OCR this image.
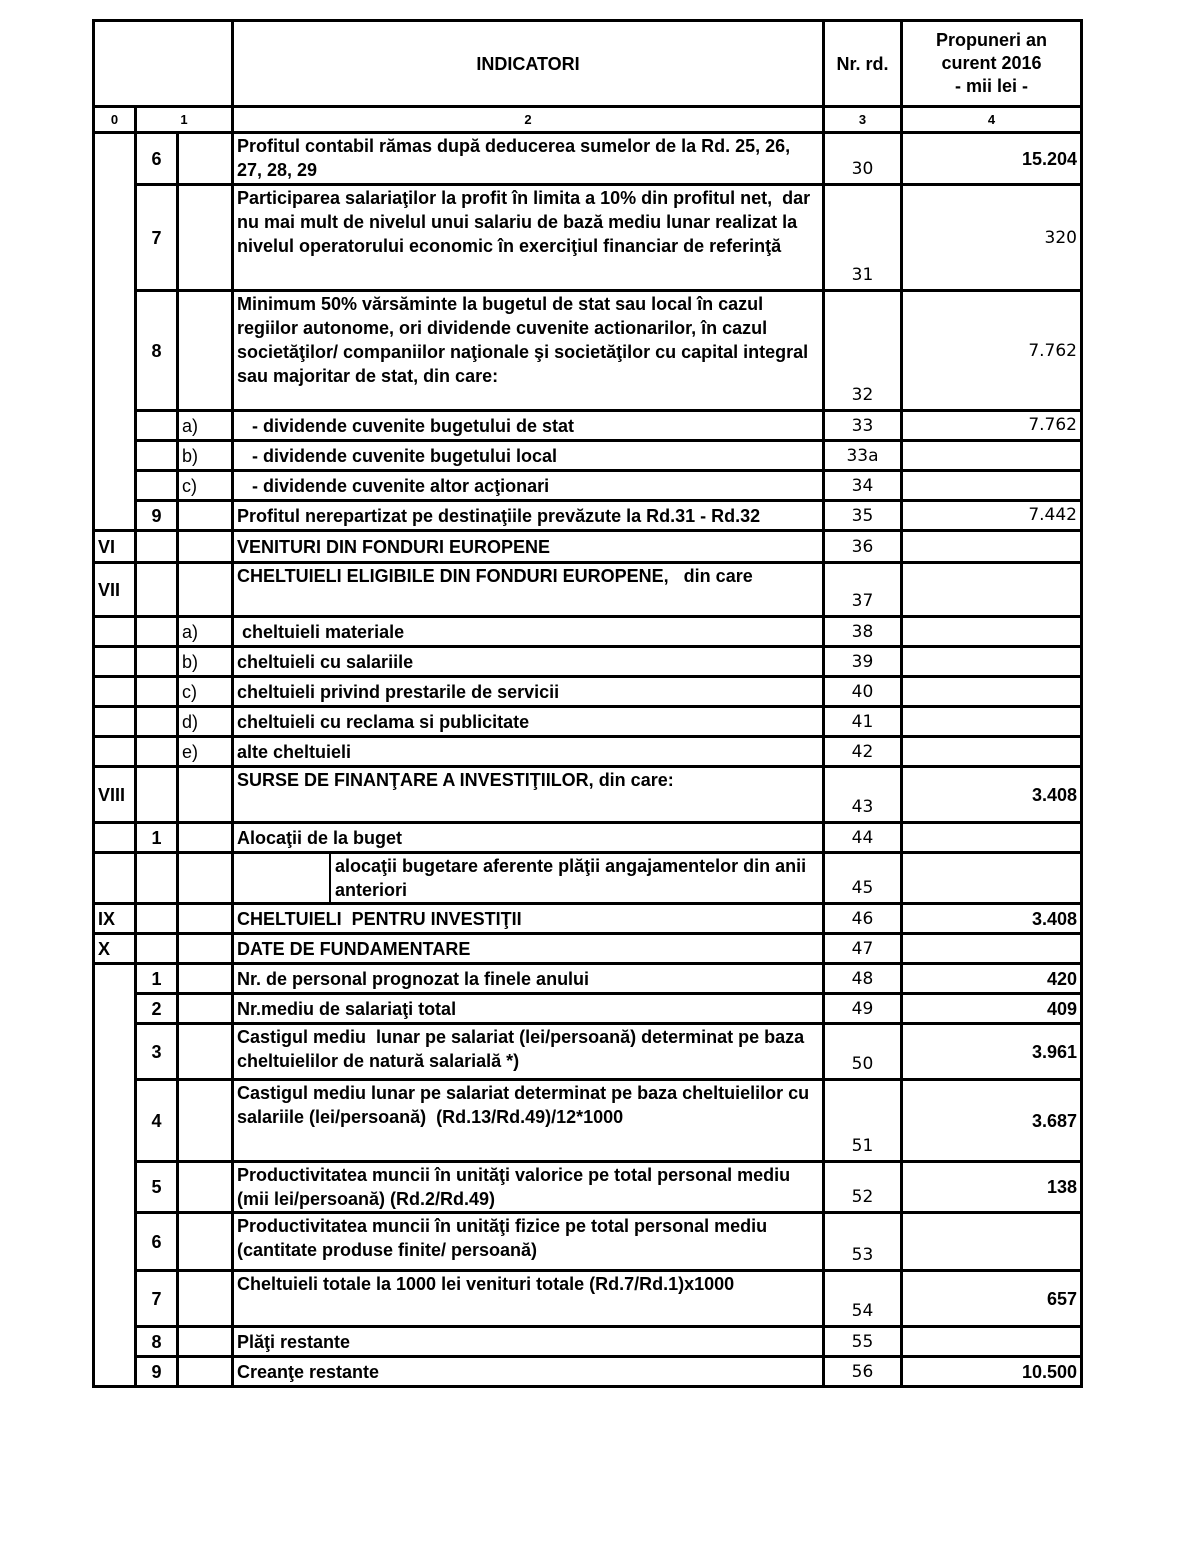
			INDICATORI	Nr. rd.	Propuneri an
curent 2016
- mii lei -

0	1		2	3	4
	6		Profitul contabil rămas după deducerea sumelor de la Rd. 25, 26, 27, 28, 29	30	15.204
	7		Participarea salariaţilor la profit în limita a 10% din profitul net,  dar nu mai mult de nivelul unui salariu de bază mediu lunar realizat la nivelul operatorului economic în exerciţiul financiar de referinţă	31	320
	8		Minimum 50% vărsăminte la bugetul de stat sau local în cazul regiilor autonome, ori dividende cuvenite actionarilor, în cazul societăţilor/ companiilor naţionale şi societăţilor cu capital integral sau majoritar de stat, din care:	32	7.762
		a)	- dividende cuvenite bugetului de stat	33	7.762
		b)	- dividende cuvenite bugetului local	33a	
		c)	- dividende cuvenite altor acţionari	34	
	9		Profitul nerepartizat pe destinaţiile prevăzute la Rd.31 - Rd.32	35	7.442
VI			VENITURI DIN FONDURI EUROPENE	36	
VII			CHELTUIELI ELIGIBILE DIN FONDURI EUROPENE,   din care	37	
		a)	cheltuieli materiale	38	
		b)	cheltuieli cu salariile	39	
		c)	cheltuieli privind prestarile de servicii	40	
		d)	cheltuieli cu reclama si publicitate	41	
		e)	alte cheltuieli	42	
VIII			SURSE DE FINANŢARE A INVESTIŢIILOR, din care:	43	3.408
	1		Alocaţii de la buget	44	

			alocaţii bugetare aferente plăţii angajamentelor din anii anteriori	45	
IX			CHELTUIELI  PENTRU INVESTIŢII	46	3.408
X			DATE DE FUNDAMENTARE	47	
	1		Nr. de personal prognozat la finele anului	48	420
	2		Nr.mediu de salariaţi total	49	409
	3		Castigul mediu  lunar pe salariat (lei/persoană) determinat pe baza cheltuielilor de natură salarială *)	50	3.961
	4		Castigul mediu lunar pe salariat determinat pe baza cheltuielilor cu salariile (lei/persoană)  (Rd.13/Rd.49)/12*1000	51	3.687
	5		Productivitatea muncii în unităţi valorice pe total personal mediu (mii lei/persoană) (Rd.2/Rd.49)	52	138
	6		Productivitatea muncii în unităţi fizice pe total personal mediu (cantitate produse finite/ persoană)	53	
	7		Cheltuieli totale la 1000 lei venituri totale (Rd.7/Rd.1)x1000	54	657
	8		Plăţi restante	55	
	9		Creanţe restante	56	10.500
